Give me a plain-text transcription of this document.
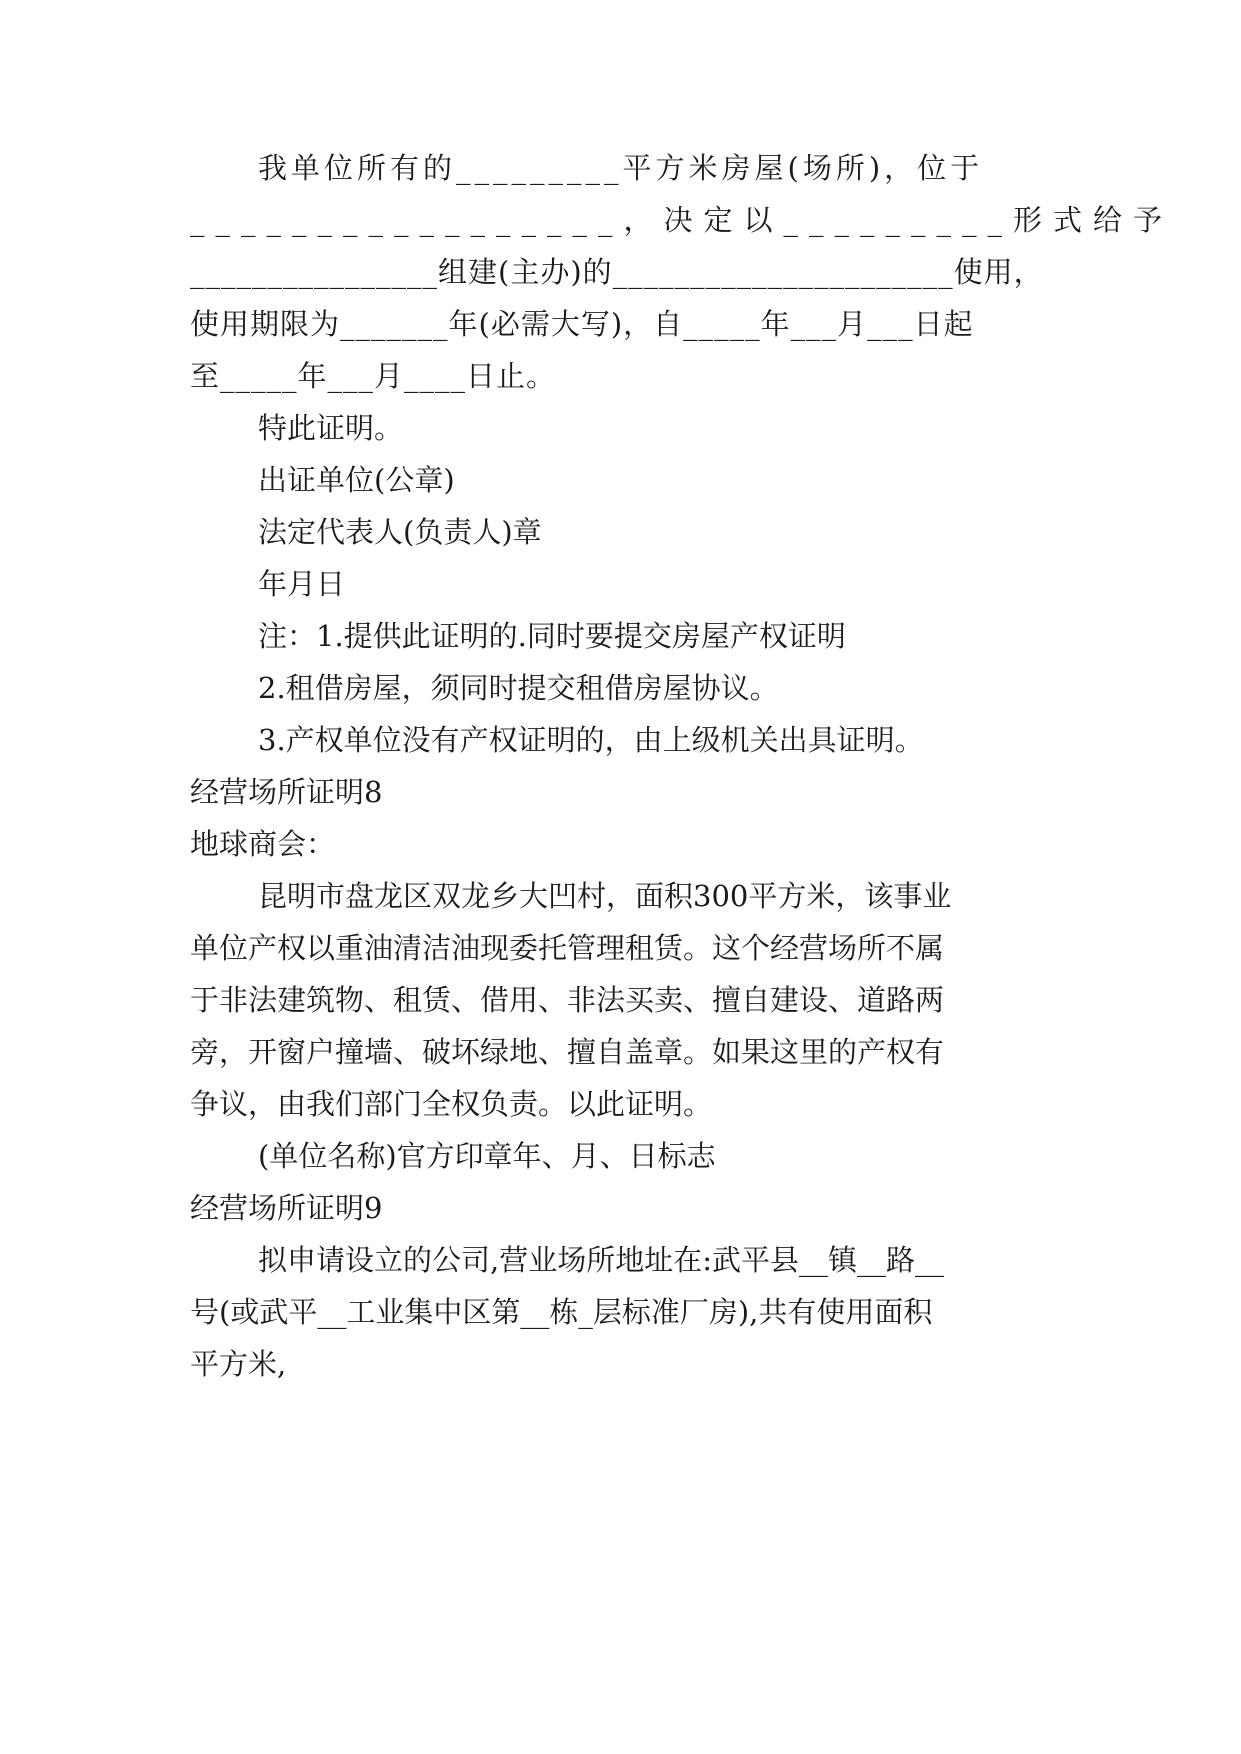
我单位所有的_________平方米房屋(场所)，位于
_________________，决定以_________形式给予
________________组建(主办)的______________________使用，
使用期限为_______年(必需大写)，自_____年___月___日起
至_____年___月____日止。
特此证明。
出证单位(公章)
法定代表人(负责人)章
年月日
注：1.提供此证明的.同时要提交房屋产权证明
2.租借房屋，须同时提交租借房屋协议。
3.产权单位没有产权证明的，由上级机关出具证明。
经营场所证明8
地球商会：
昆明市盘龙区双龙乡大凹村，面积300平方米，该事业
单位产权以重油清洁油现委托管理租赁。这个经营场所不属
于非法建筑物、租赁、借用、非法买卖、擅自建设、道路两
旁，开窗户撞墙、破坏绿地、擅自盖章。如果这里的产权有
争议，由我们部门全权负责。以此证明。
(单位名称)官方印章年、月、日标志
经营场所证明9
拟申请设立的公司,营业场所地址在:武平县__镇__路__
号(或武平__工业集中区第__栋_层标准厂房),共有使用面积
平方米,
